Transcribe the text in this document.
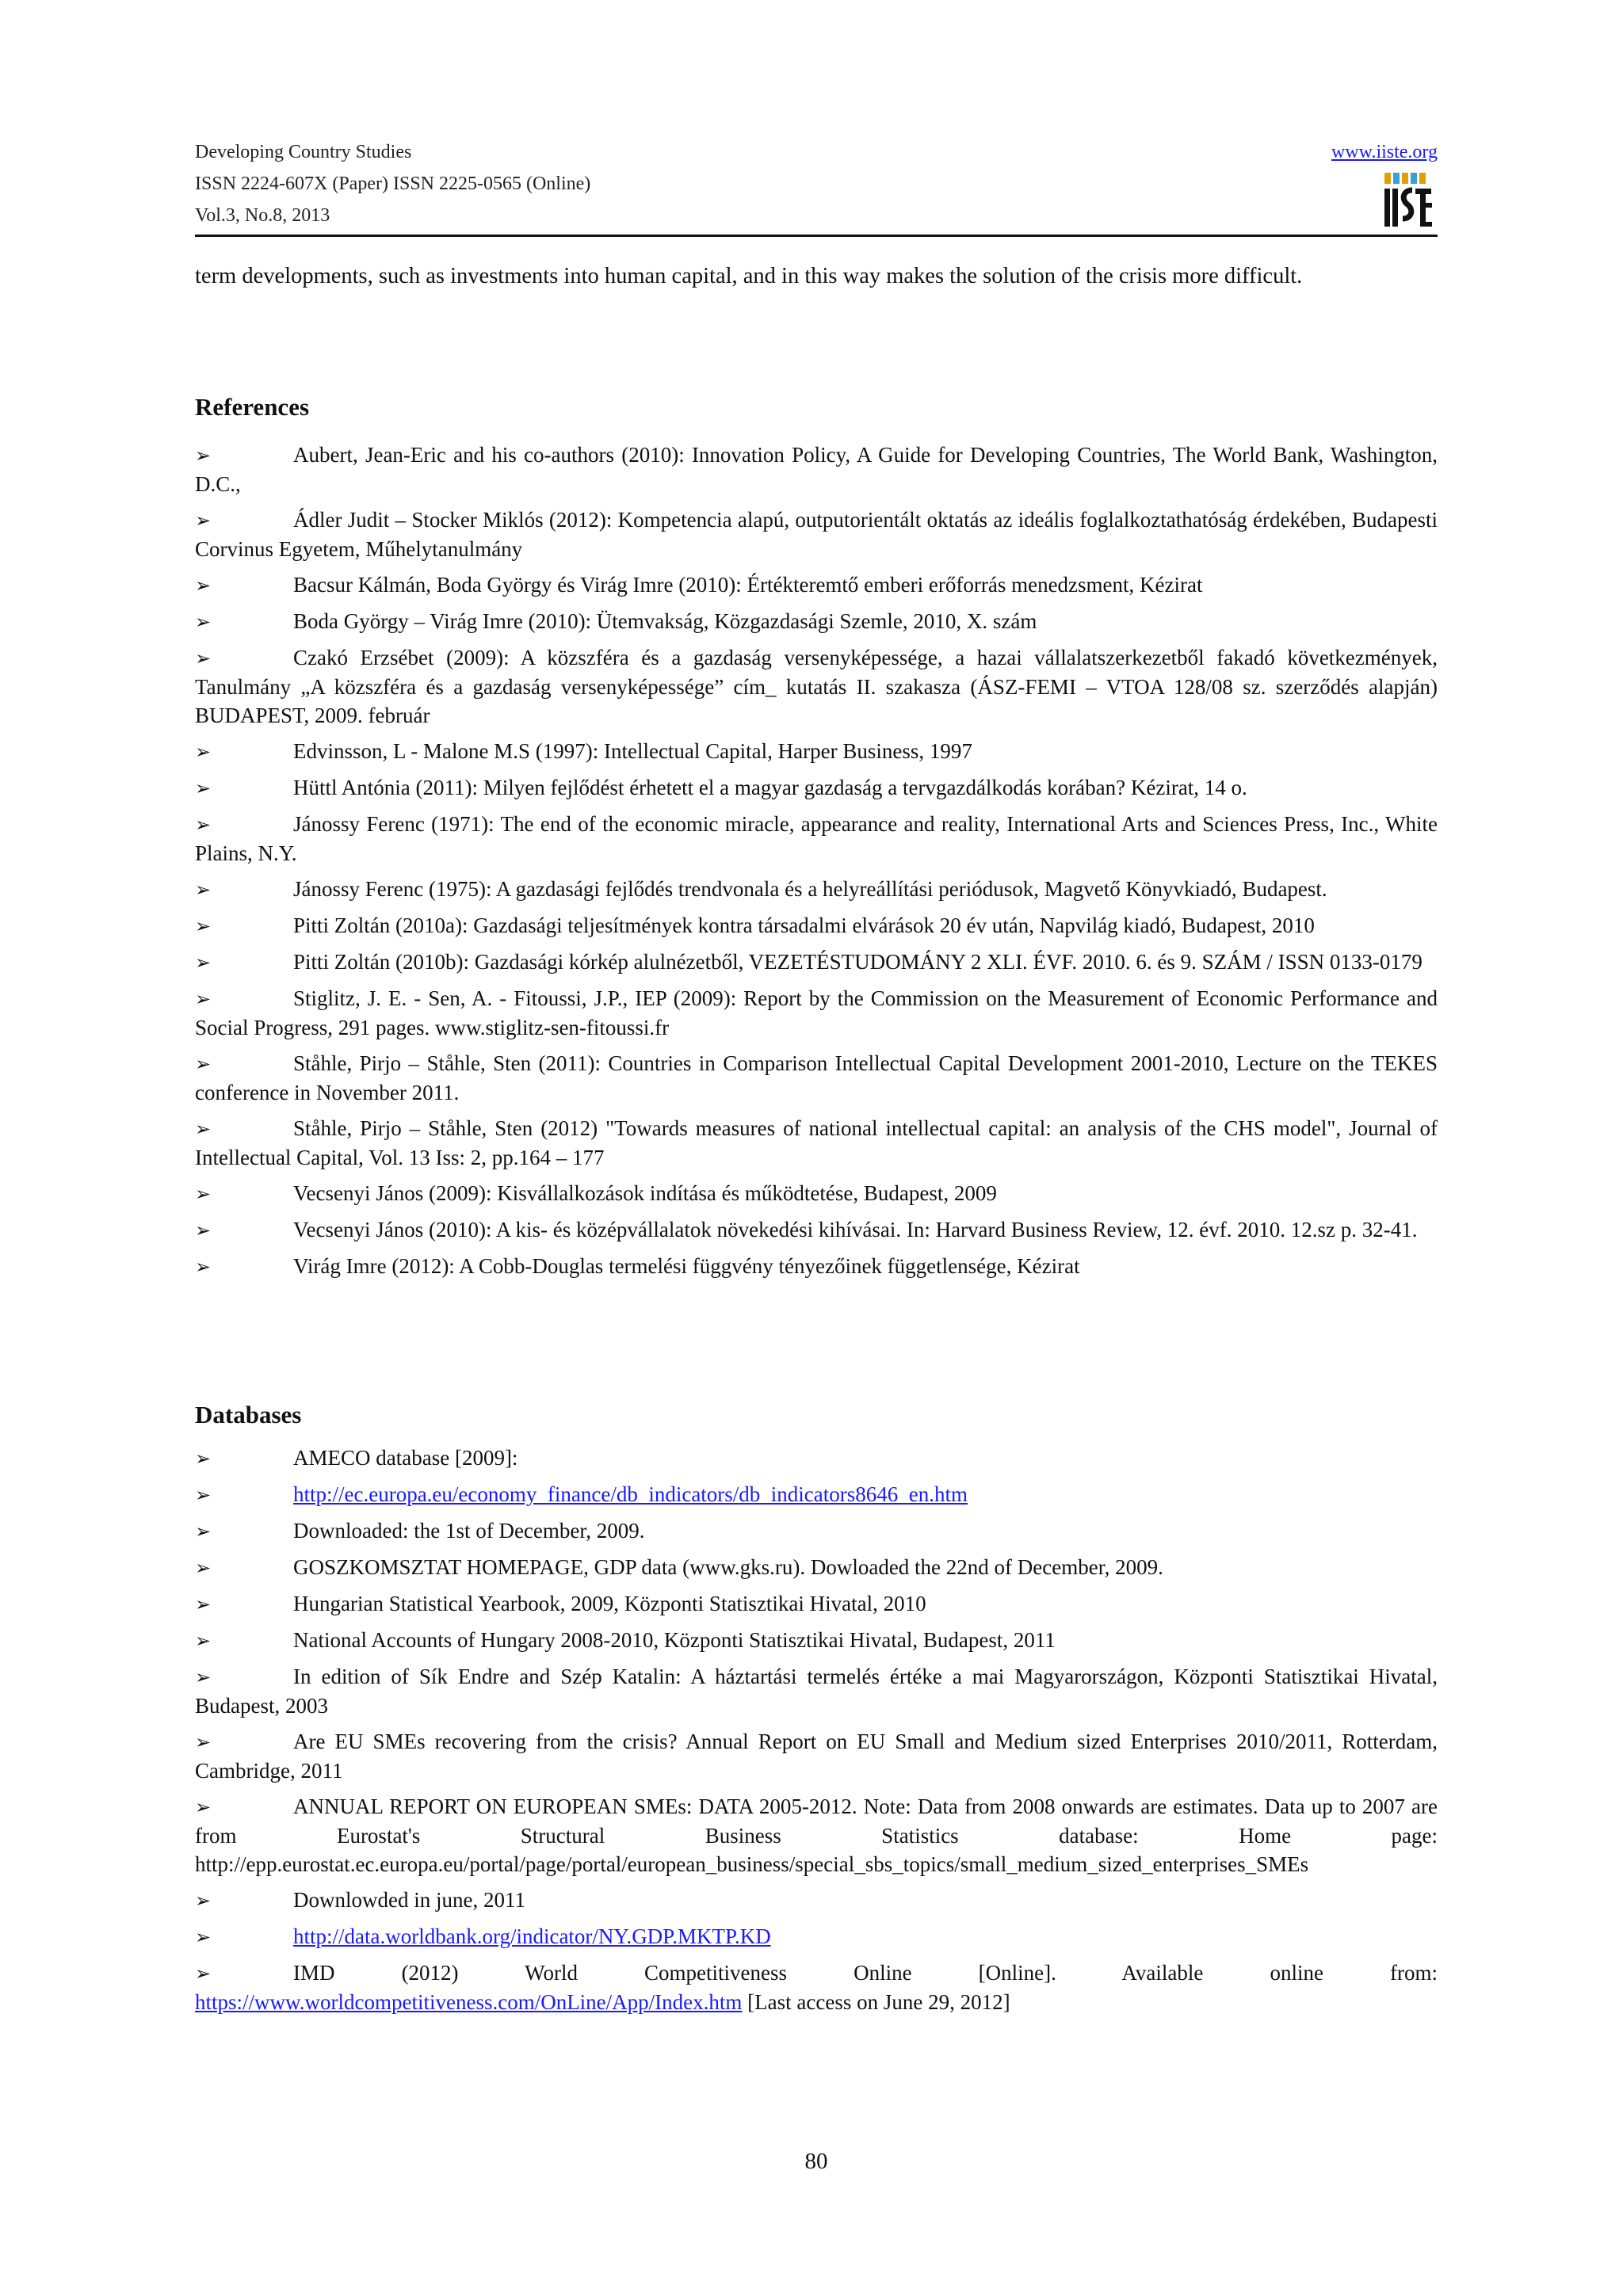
Developing Country Studies
ISSN 2224-607X (Paper) ISSN 2225-0565 (Online)
Vol.3, No.8, 2013
www.iiste.org
term developments, such as investments into human capital, and in this way makes the solution of the crisis more difficult.
References
➢	Aubert, Jean-Eric and his co-authors (2010): Innovation Policy, A Guide for Developing Countries, The World Bank, Washington, D.C.,
➢	Ádler Judit – Stocker Miklós (2012): Kompetencia alapú, outputorientált oktatás az ideális foglalkoztathatóság érdekében, Budapesti Corvinus Egyetem, Műhelytanulmány
➢	Bacsur Kálmán, Boda György és Virág Imre (2010): Értékteremtő emberi erőforrás menedzsment, Kézirat
➢	Boda György – Virág Imre (2010): Ütemvakság, Közgazdasági Szemle, 2010, X. szám
➢	Czakó Erzsébet (2009): A közszféra és a gazdaság versenyképessége, a hazai vállalatszerkezetből fakadó következmények, Tanulmány „A közszféra és a gazdaság versenyképessége” cím_ kutatás II. szakasza (ÁSZ-FEMI – VTOA 128/08 sz. szerződés alapján) BUDAPEST, 2009. február
➢	Edvinsson, L - Malone M.S (1997): Intellectual Capital, Harper Business, 1997
➢	Hüttl Antónia (2011): Milyen fejlődést érhetett el a magyar gazdaság a tervgazdálkodás korában? Kézirat, 14 o.
➢	Jánossy Ferenc (1971): The end of the economic miracle, appearance and reality, International Arts and Sciences Press, Inc., White Plains, N.Y.
➢	Jánossy Ferenc (1975): A gazdasági fejlődés trendvonala és a helyreállítási periódusok, Magvető Könyvkiadó, Budapest.
➢	Pitti Zoltán (2010a): Gazdasági teljesítmények kontra társadalmi elvárások 20 év után, Napvilág kiadó, Budapest, 2010
➢	Pitti Zoltán (2010b): Gazdasági kórkép alulnézetből, VEZETÉSTUDOMÁNY 2 XLI. ÉVF. 2010. 6. és 9. SZÁM / ISSN 0133-0179
➢	Stiglitz, J. E. - Sen, A. - Fitoussi, J.P., IEP (2009): Report by the Commission on the Measurement of Economic Performance and Social Progress, 291 pages. www.stiglitz-sen-fitoussi.fr
➢	Ståhle, Pirjo – Ståhle, Sten (2011): Countries in Comparison Intellectual Capital Development 2001-2010, Lecture on the TEKES conference in November 2011.
➢	Ståhle, Pirjo – Ståhle, Sten (2012) "Towards measures of national intellectual capital: an analysis of the CHS model", Journal of Intellectual Capital, Vol. 13 Iss: 2, pp.164 – 177
➢	Vecsenyi János (2009): Kisvállalkozások indítása és működtetése, Budapest, 2009
➢	Vecsenyi János (2010): A kis- és középvállalatok növekedési kihívásai. In: Harvard Business Review, 12. évf. 2010. 12.sz p. 32-41.
➢	Virág Imre (2012): A Cobb-Douglas termelési függvény tényezőinek függetlensége, Kézirat
Databases
➢	AMECO database [2009]:
➢	http://ec.europa.eu/economy_finance/db_indicators/db_indicators8646_en.htm
➢	Downloaded: the 1st of December, 2009.
➢	GOSZKOMSZTAT HOMEPAGE, GDP data (www.gks.ru). Dowloaded the 22nd of December, 2009.
➢	Hungarian Statistical Yearbook, 2009, Központi Statisztikai Hivatal, 2010
➢	National Accounts of Hungary 2008-2010, Központi Statisztikai Hivatal, Budapest, 2011
➢	In edition of Sík Endre and Szép Katalin: A háztartási termelés értéke a mai Magyarországon, Központi Statisztikai Hivatal, Budapest, 2003
➢	Are EU SMEs recovering from the crisis? Annual Report on EU Small and Medium sized Enterprises 2010/2011, Rotterdam, Cambridge, 2011
➢	ANNUAL REPORT ON EUROPEAN SMEs: DATA 2005-2012. Note: Data from 2008 onwards are estimates. Data up to 2007 are from Eurostat's Structural Business Statistics database: Home page: http://epp.eurostat.ec.europa.eu/portal/page/portal/european_business/special_sbs_topics/small_medium_sized_enterprises_SMEs
➢	Downlowded in june, 2011
➢	http://data.worldbank.org/indicator/NY.GDP.MKTP.KD
➢	IMD (2012) World Competitiveness Online [Online]. Available online from: https://www.worldcompetitiveness.com/OnLine/App/Index.htm [Last access on June 29, 2012]
80
